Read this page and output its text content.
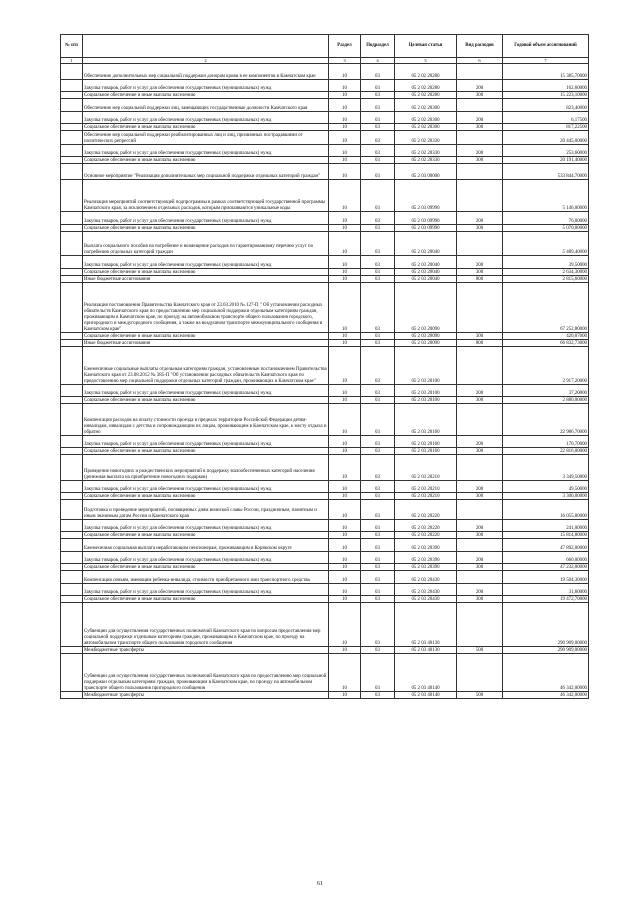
№ п/п		Раздел	Подраздел	Целевая статья	Вид расходов	Годовой объем ассигнований
1	2	3	4	5	6	7
	Обеспечение дополнительных мер социальной поддержки донорам крови в ее компонентов в Камчатском крае	10	03	05 2 02 20280		15 385,70000
	Закупка товаров, работ и услуг для обеспечения государственных (муниципальных) нужд	10	03	05 2 02 20280	200	162,60000
	Социальное обеспечение и иные выплаты населению	10	03	05 2 02 20280	300	15 223,10000
	Обеспечение мер социальной поддержки лиц, замещающих государственные должности Камчатского края	10	03	05 2 02 20300		823,40000
	Закупка товаров, работ и услуг для обеспечения государственных (муниципальных) нужд	10	03	05 2 02 20300	200	6,17500
	Социальное обеспечение и иные выплаты населению	10	03	05 2 02 20300	300	817,22500
	Обеспечение мер социальной поддержки реабилитированных лиц и лиц, признанных пострадавшими от политических репрессий	10	03	05 2 02 20330		20 445,00000
	Закупка товаров, работ и услуг для обеспечения государственных (муниципальных) нужд	10	03	05 2 02 20330	200	253,60000
	Социальное обеспечение и иные выплаты населению	10	03	05 2 02 20330	300	20 191,40000
	Основное мероприятие "Реализация дополнительных мер социальной поддержки отдельных категорий граждан"	10	03	05 2 03 00000		533 844,70000
	Реализация мероприятий соответствующей подпрограммы в рамках соответствующей государственной программы Камчатского края, за исключением отдельных расходов, которым присваиваются уникальные коды	10	03	05 2 03 09990		5 146,00000
	Закупка товаров, работ и услуг для обеспечения государственных (муниципальных) нужд	10	03	05 2 03 09990	200	76,00000
	Социальное обеспечение и иные выплаты населению	10	03	05 2 03 09990	300	5 070,00000
	Выплата социального пособия на погребение и возмещение расходов по гарантированному перечню услуг по погребению отдельных категорий граждан	10	03	05 2 03 20040		5 489,40000
	Закупка товаров, работ и услуг для обеспечения государственных (муниципальных) нужд	10	03	05 2 03 20040	200	39,50000
	Социальное обеспечение и иные выплаты населению	10	03	05 2 03 20040	300	2 634,30000
	Иные бюджетные ассигнования	10	03	05 2 03 20040	800	2 815,60000
	Реализация постановления Правительства Камчатского края от 23.03.2010 № 127-П " Об установлении расходных обязательств Камчатского края по предоставлению мер социальной поддержки отдельным категориям граждан, проживающим в Камчатском крае, по проезду на автомобильном транспорте общего пользования городского, пригородного и междугородного сообщения, а также на воздушном транспорте межмуниципального сообщения в Камчатском крае"	10	03	05 2 03 20090		67 252,80000
	Социальное обеспечение и иные выплаты населению	10	03	05 2 03 20090	300	420,07000
	Иные бюджетные ассигнования	10	03	05 2 03 20090	800	66 832,73000
	Ежемесячные социальные выплаты отдельным категориям граждан, установленные постановлением Правительства Камчатского края от 23.08.2012 № 385-П "Об установлении расходных обязательств Камчатского края по предоставлению мер социальной поддержки отдельных категорий граждан, проживающих в Камчатском крае"	10	03	05 2 03 20100		2 917,20000
	Закупка товаров, работ и услуг для обеспечения государственных (муниципальных) нужд	10	03	05 2 03 20100	200	37,20000
	Социальное обеспечение и иные выплаты населению	10	03	05 2 03 20100	300	2 880,00000
	Компенсация расходов на оплату стоимости проезда в пределах территории Российской Федерации детям-инвалидам, инвалидам с детства и сопровождающим их лицам, проживающим в Камчатском крае, к месту отдыха и обратно	10	03	05 2 03 20160		22 986,70000
	Закупка товаров, работ и услуг для обеспечения государственных (муниципальных) нужд	10	03	05 2 03 20160	200	170,70000
	Социальное обеспечение и иные выплаты населению	10	03	05 2 03 20160	300	22 816,00000
	Проведение новогодних и рождественских мероприятий в поддержку малообеспеченных категорий населения (денежная выплата на приобретение новогодних подарков)	10	03	05 2 03 20210		3 349,50000
	Закупка товаров, работ и услуг для обеспечения государственных (муниципальных) нужд	10	03	05 2 03 20210	200	49,50000
	Социальное обеспечение и иные выплаты населению	10	03	05 2 03 20210	300	3 300,00000
	Подготовка и проведение мероприятий, посвященных дням воинской славы России, праздничным, памятным и иным значимым датам России и Камчатского края	10	03	05 2 03 20220		16 055,80000
	Закупка товаров, работ и услуг для обеспечения государственных (муниципальных) нужд	10	03	05 2 03 20220	200	241,00000
	Социальное обеспечение и иные выплаты населению	10	03	05 2 03 20220	300	15 814,80000
	Ежемесячная социальная выплата неработающим пенсионерам, проживающим в Корякском округе	10	03	05 2 03 20390		47 892,00000
	Закупка товаров, работ и услуг для обеспечения государственных (муниципальных) нужд	10	03	05 2 03 20390	200	660,00000
	Социальное обеспечение и иные выплаты населению	10	03	05 2 03 20390	300	47 232,00000
	Компенсация семьям, имеющим ребенка-инвалида, стоимости приобретаемого ими транспортного средства	10	03	05 2 03 20430		19 504,30000
	Закупка товаров, работ и услуг для обеспечения государственных (муниципальных) нужд	10	03	05 2 03 20430	200	31,60000
	Социальное обеспечение и иные выплаты населению	10	03	05 2 03 20430	300	19 472,70000
	Субвенции для осуществления государственных полномочий Камчатского края по вопросам предоставления мер социальной поддержки отдельным категориям граждан, проживающим в Камчатском крае, по проезду на автомобильном транспорте общего пользования городского сообщения	10	03	05 2 03 40130		290 909,00000
	Межбюджетные трансферты	10	03	05 2 03 40130	500	290 909,00000
	Субвенции для осуществления государственных полномочий Камчатского края по предоставлению мер социальной поддержки отдельным категориям граждан, проживающим в Камчатском крае, по проезду на автомобильном транспорте общего пользования пригородного сообщения	10	03	05 2 03 40140		46 342,00000
	Межбюджетные трансферты	10	03	05 2 03 40140	500	46 342,00000
61
